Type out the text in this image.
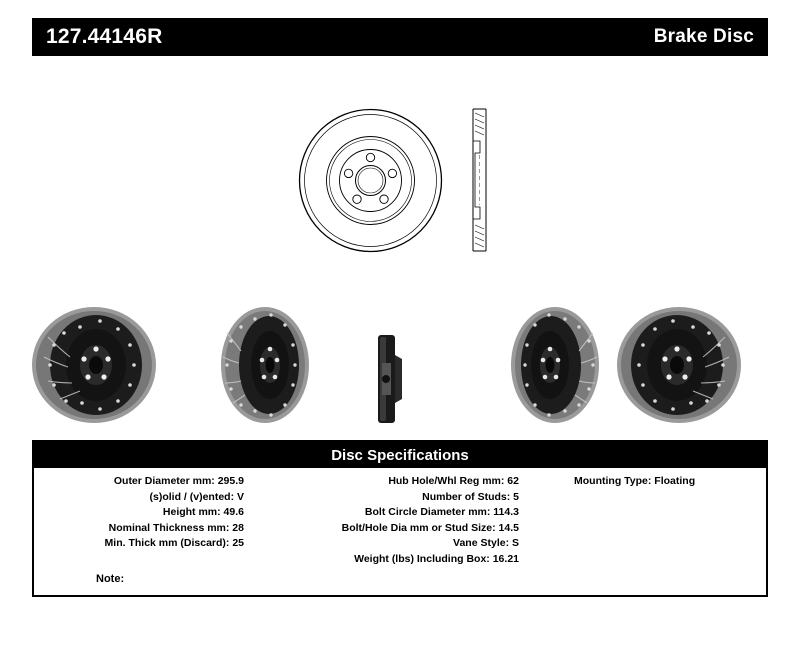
127.44146R	Brake Disc
Disc Specifications
Outer Diameter mm: 295.9
(s)olid / (v)ented: V
Height mm: 49.6
Nominal Thickness mm: 28
Min. Thick mm (Discard): 25
Hub Hole/Whl Reg mm: 62
Number of Studs: 5
Bolt Circle Diameter mm: 114.3
Bolt/Hole Dia mm or Stud Size: 14.5
Vane Style: S
Weight (lbs) Including Box: 16.21
Mounting Type: Floating
Note:
